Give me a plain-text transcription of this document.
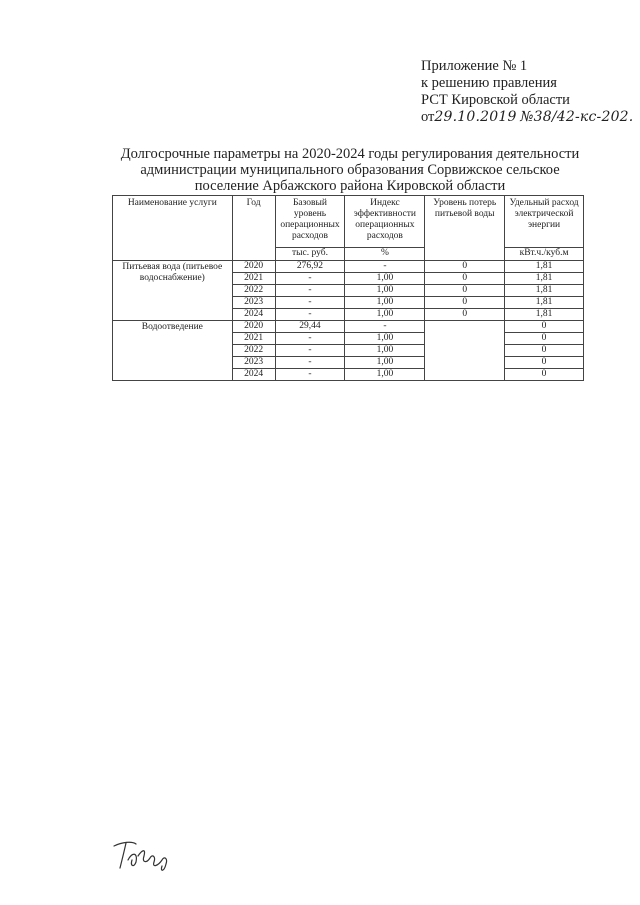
Приложение № 1
к решению правления
РСТ Кировской области
от29.10.2019 №38/42-кс-202.
Долгосрочные параметры на 2020-2024 годы регулирования деятельности
администрации муниципального образования Сорвижское сельское
поселение Арбажского района Кировской области
Наименование услуги	Год	Базовый уровень операционных расходов	Индекс эффективности операционных расходов	Уровень потерь питьевой воды	Удельный расход электрической энергии
		тыс. руб.	%		кВт.ч./куб.м
Питьевая вода (питьевое водоснабжение)	2020	276,92	-	0	1,81
	2021	-	1,00	0	1,81
	2022	-	1,00	0	1,81
	2023	-	1,00	0	1,81
	2024	-	1,00	0	1,81
Водоотведение	2020	29,44	-		0
	2021	-	1,00		0
	2022	-	1,00		0
	2023	-	1,00		0
	2024	-	1,00		0
